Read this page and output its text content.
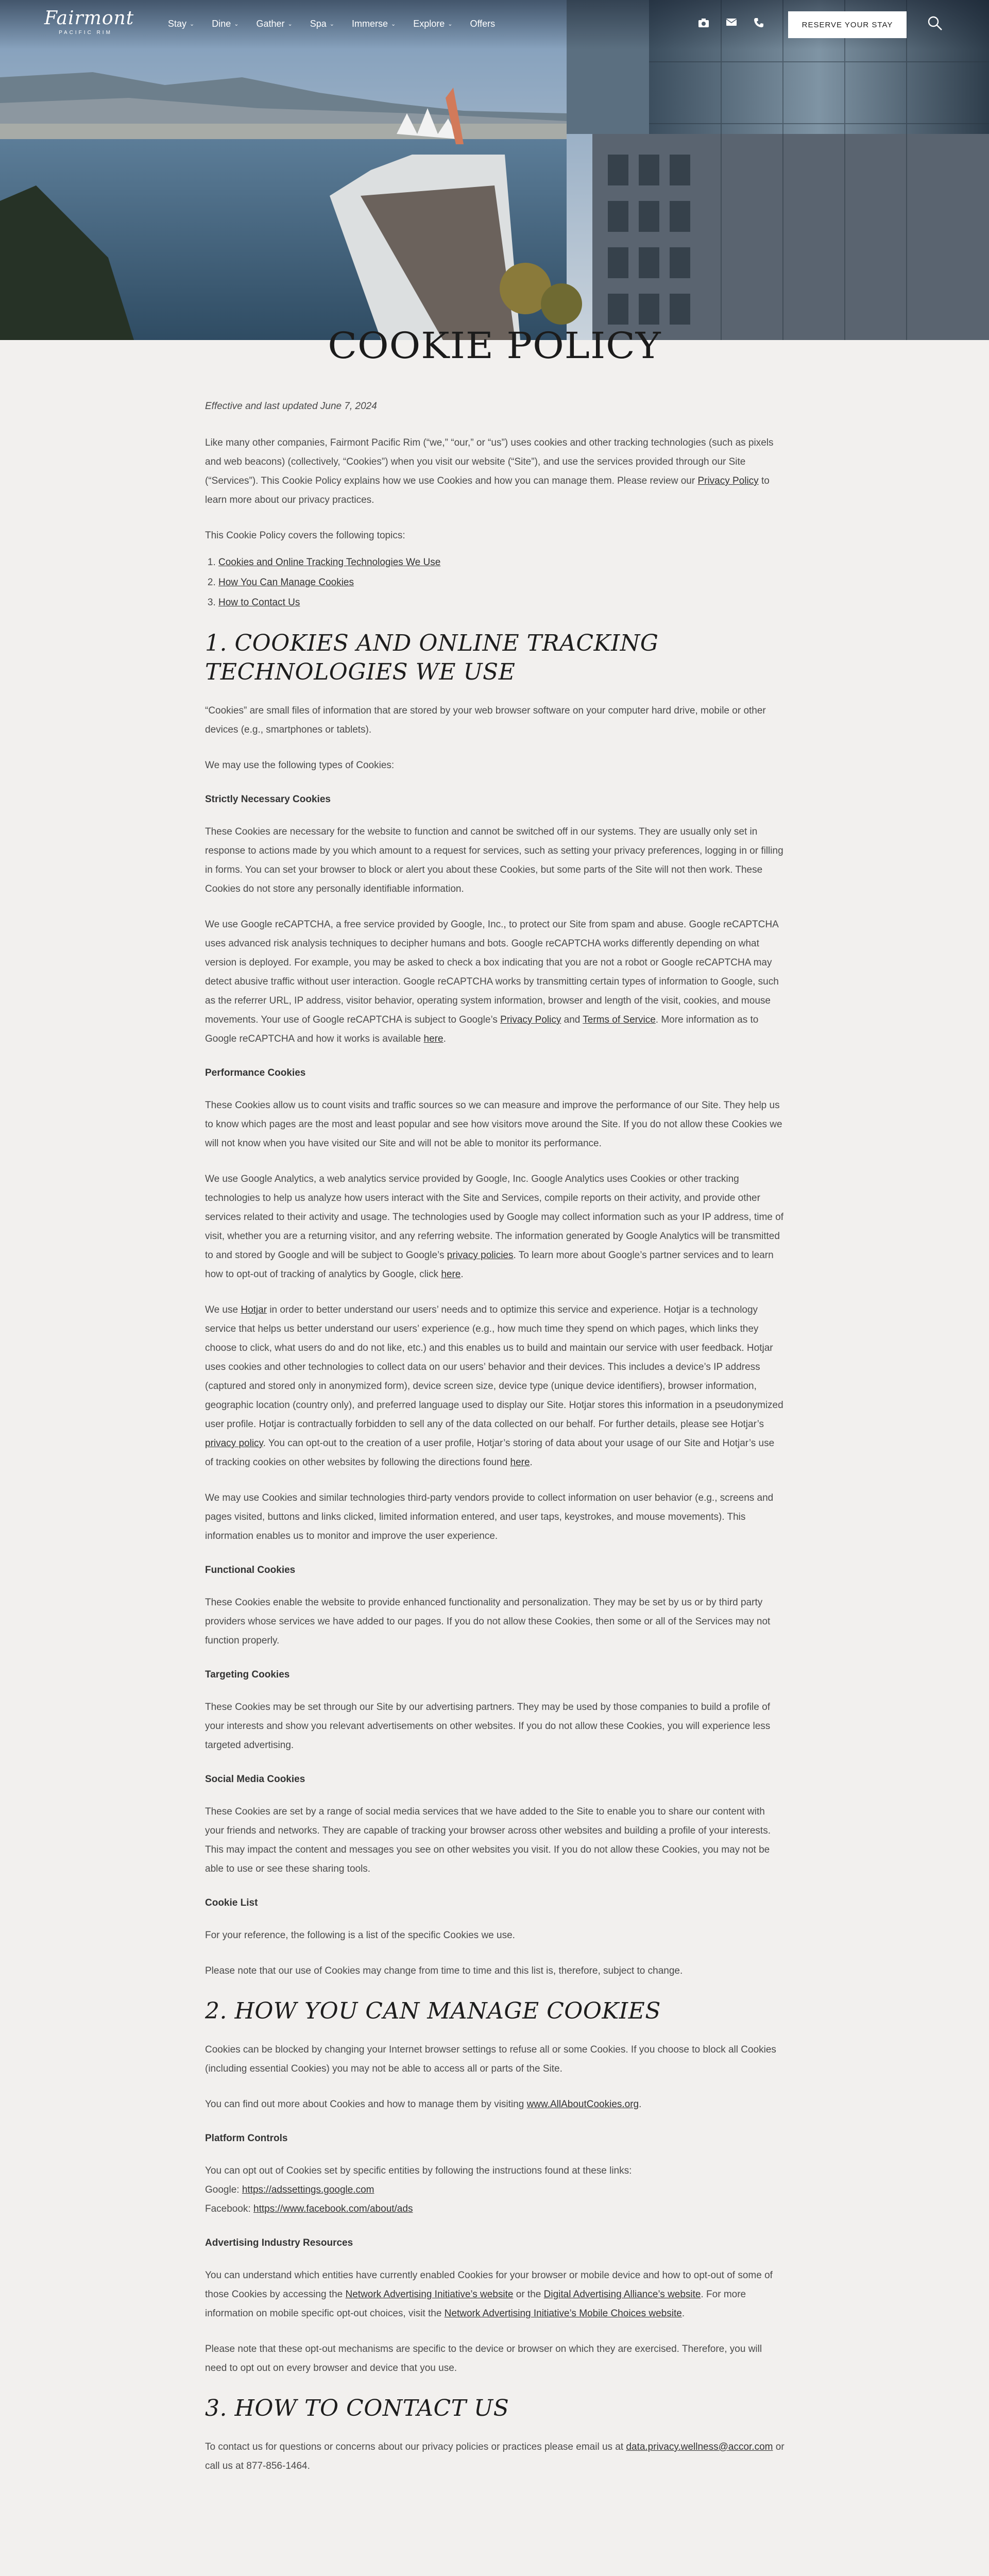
Fairmont
PACIFIC RIM
Stay ⌄ Dine ⌄ Gather ⌄ Spa ⌄ Immerse ⌄ Explore ⌄ Offers	RESERVE YOUR STAY
COOKIE POLICY

Effective and last updated June 7, 2024

Like many other companies, Fairmont Pacific Rim (“we,” “our,” or “us”) uses cookies and other tracking technologies (such as pixels and web beacons) (collectively, “Cookies”) when you visit our website (“Site”), and use the services provided through our Site (“Services”). This Cookie Policy explains how we use Cookies and how you can manage them. Please review our Privacy Policy to learn more about our privacy practices.

This Cookie Policy covers the following topics:

1. Cookies and Online Tracking Technologies We Use
2. How You Can Manage Cookies
3. How to Contact Us
1. COOKIES AND ONLINE TRACKING TECHNOLOGIES WE USE

“Cookies” are small files of information that are stored by your web browser software on your computer hard drive, mobile or other devices (e.g., smartphones or tablets).

We may use the following types of Cookies:

Strictly Necessary Cookies

These Cookies are necessary for the website to function and cannot be switched off in our systems. They are usually only set in response to actions made by you which amount to a request for services, such as setting your privacy preferences, logging in or filling in forms. You can set your browser to block or alert you about these Cookies, but some parts of the Site will not then work. These Cookies do not store any personally identifiable information.

We use Google reCAPTCHA, a free service provided by Google, Inc., to protect our Site from spam and abuse. Google reCAPTCHA uses advanced risk analysis techniques to decipher humans and bots. Google reCAPTCHA works differently depending on what version is deployed. For example, you may be asked to check a box indicating that you are not a robot or Google reCAPTCHA may detect abusive traffic without user interaction. Google reCAPTCHA works by transmitting certain types of information to Google, such as the referrer URL, IP address, visitor behavior, operating system information, browser and length of the visit, cookies, and mouse movements. Your use of Google reCAPTCHA is subject to Google’s Privacy Policy and Terms of Service. More information as to Google reCAPTCHA and how it works is available here.

Performance Cookies

These Cookies allow us to count visits and traffic sources so we can measure and improve the performance of our Site. They help us to know which pages are the most and least popular and see how visitors move around the Site. If you do not allow these Cookies we will not know when you have visited our Site and will not be able to monitor its performance.

We use Google Analytics, a web analytics service provided by Google, Inc. Google Analytics uses Cookies or other tracking technologies to help us analyze how users interact with the Site and Services, compile reports on their activity, and provide other services related to their activity and usage. The technologies used by Google may collect information such as your IP address, time of visit, whether you are a returning visitor, and any referring website. The information generated by Google Analytics will be transmitted to and stored by Google and will be subject to Google’s privacy policies. To learn more about Google’s partner services and to learn how to opt-out of tracking of analytics by Google, click here.

We use Hotjar in order to better understand our users’ needs and to optimize this service and experience. Hotjar is a technology service that helps us better understand our users’ experience (e.g., how much time they spend on which pages, which links they choose to click, what users do and do not like, etc.) and this enables us to build and maintain our service with user feedback. Hotjar uses cookies and other technologies to collect data on our users’ behavior and their devices. This includes a device’s IP address (captured and stored only in anonymized form), device screen size, device type (unique device identifiers), browser information, geographic location (country only), and preferred language used to display our Site. Hotjar stores this information in a pseudonymized user profile. Hotjar is contractually forbidden to sell any of the data collected on our behalf. For further details, please see Hotjar’s privacy policy. You can opt-out to the creation of a user profile, Hotjar’s storing of data about your usage of our Site and Hotjar’s use of tracking cookies on other websites by following the directions found here.

We may use Cookies and similar technologies third-party vendors provide to collect information on user behavior (e.g., screens and pages visited, buttons and links clicked, limited information entered, and user taps, keystrokes, and mouse movements). This information enables us to monitor and improve the user experience.

Functional Cookies

These Cookies enable the website to provide enhanced functionality and personalization. They may be set by us or by third party providers whose services we have added to our pages. If you do not allow these Cookies, then some or all of the Services may not function properly.

Targeting Cookies

These Cookies may be set through our Site by our advertising partners. They may be used by those companies to build a profile of your interests and show you relevant advertisements on other websites. If you do not allow these Cookies, you will experience less targeted advertising.

Social Media Cookies

These Cookies are set by a range of social media services that we have added to the Site to enable you to share our content with your friends and networks. They are capable of tracking your browser across other websites and building a profile of your interests. This may impact the content and messages you see on other websites you visit. If you do not allow these Cookies, you may not be able to use or see these sharing tools.

Cookie List

For your reference, the following is a list of the specific Cookies we use.

Please note that our use of Cookies may change from time to time and this list is, therefore, subject to change.

2. HOW YOU CAN MANAGE COOKIES

Cookies can be blocked by changing your Internet browser settings to refuse all or some Cookies. If you choose to block all Cookies (including essential Cookies) you may not be able to access all or parts of the Site.

You can find out more about Cookies and how to manage them by visiting www.AllAboutCookies.org.

Platform Controls

You can opt out of Cookies set by specific entities by following the instructions found at these links:
Google: https://adssettings.google.com
Facebook: https://www.facebook.com/about/ads

Advertising Industry Resources

You can understand which entities have currently enabled Cookies for your browser or mobile device and how to opt-out of some of those Cookies by accessing the Network Advertising Initiative’s website or the Digital Advertising Alliance’s website. For more information on mobile specific opt-out choices, visit the Network Advertising Initiative’s Mobile Choices website.

Please note that these opt-out mechanisms are specific to the device or browser on which they are exercised. Therefore, you will need to opt out on every browser and device that you use.

3. HOW TO CONTACT US

To contact us for questions or concerns about our privacy policies or practices please email us at data.privacy.wellness@accor.com or call us at 877-856-1464.
